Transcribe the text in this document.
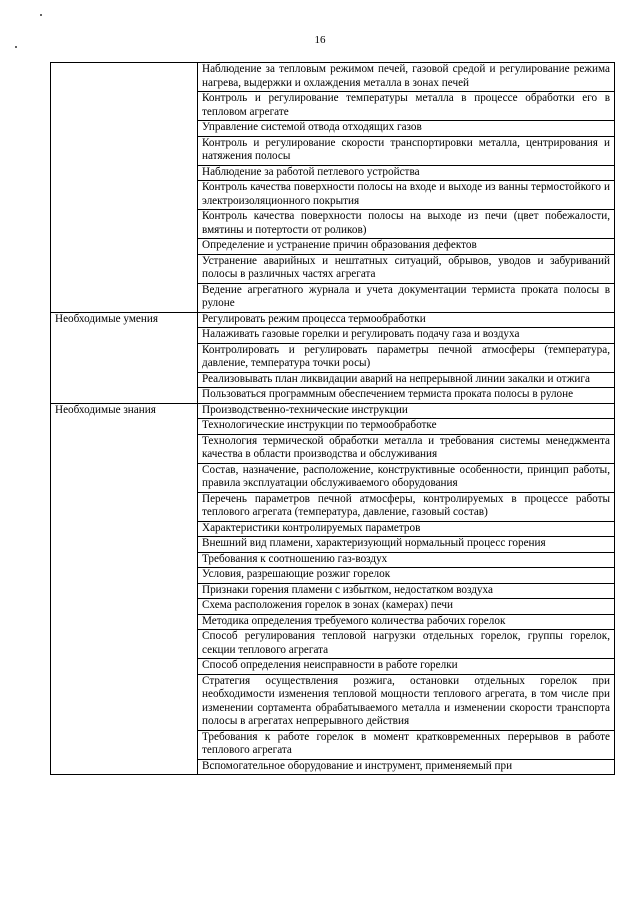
16
	Наблюдение за тепловым режимом печей, газовой средой и регулирование режима нагрева, выдержки и охлаждения металла в зонах печей
	Контроль и регулирование температуры металла в процессе обработки его в тепловом агрегате
	Управление системой отвода отходящих газов
	Контроль и регулирование скорости транспортировки металла, центрирования и натяжения полосы
	Наблюдение за работой петлевого устройства
	Контроль качества поверхности полосы на входе и выходе из ванны термостойкого и электроизоляционного покрытия
	Контроль качества поверхности полосы на выходе из печи (цвет побежалости, вмятины и потертости от роликов)
	Определение и устранение причин образования дефектов
	Устранение аварийных и нештатных ситуаций, обрывов, уводов и забуриваний полосы в различных частях агрегата
	Ведение агрегатного журнала и учета документации термиста проката полосы в рулоне
Необходимые умения	Регулировать режим процесса термообработки
	Налаживать газовые горелки и регулировать подачу газа и воздуха
	Контролировать и регулировать параметры печной атмосферы (температура, давление, температура точки росы)
	Реализовывать план ликвидации аварий на непрерывной линии закалки и отжига
	Пользоваться программным обеспечением термиста проката полосы в рулоне
Необходимые знания	Производственно-технические инструкции
	Технологические инструкции по термообработке
	Технология термической обработки металла и требования системы менеджмента качества в области производства и обслуживания
	Состав, назначение, расположение, конструктивные особенности, принцип работы, правила эксплуатации обслуживаемого оборудования
	Перечень параметров печной атмосферы, контролируемых в процессе работы теплового агрегата (температура, давление, газовый состав)
	Характеристики контролируемых параметров
	Внешний вид пламени, характеризующий нормальный процесс горения
	Требования к соотношению газ-воздух
	Условия, разрешающие розжиг горелок
	Признаки горения пламени с избытком, недостатком воздуха
	Схема расположения горелок в зонах (камерах) печи
	Методика определения требуемого количества рабочих горелок
	Способ регулирования тепловой нагрузки отдельных горелок, группы горелок, секции теплового агрегата
	Способ определения неисправности в работе горелки
	Стратегия осуществления розжига, остановки отдельных горелок при необходимости изменения тепловой мощности теплового агрегата, в том числе при изменении сортамента обрабатываемого металла и изменении скорости транспорта полосы в агрегатах непрерывного действия
	Требования к работе горелок в момент кратковременных перерывов в работе теплового агрегата
	Вспомогательное оборудование и инструмент, применяемый при
